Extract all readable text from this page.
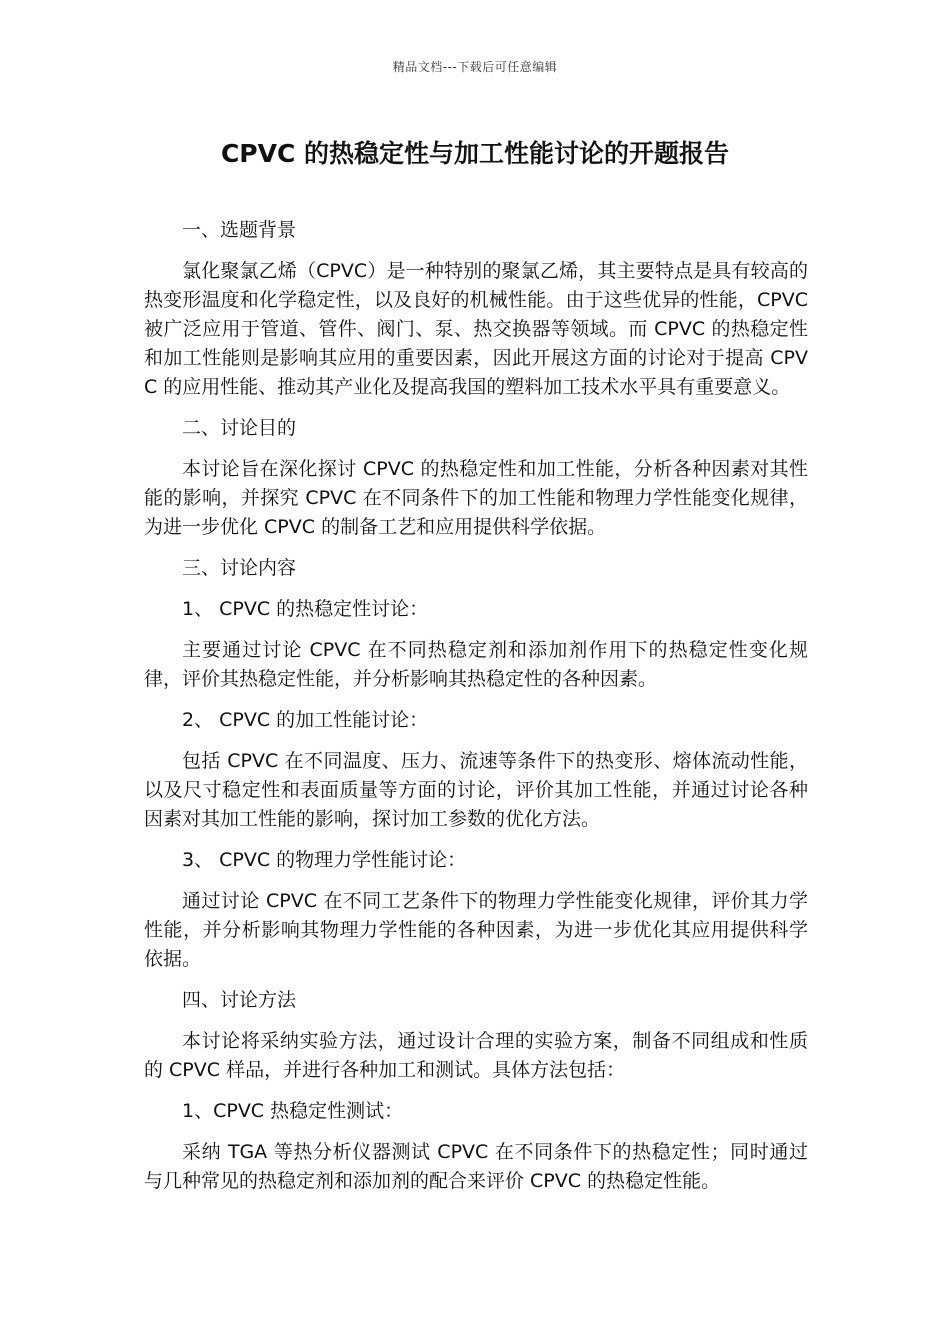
精品文档---下载后可任意编辑
CPVC 的热稳定性与加工性能讨论的开题报告

一、选题背景

氯化聚氯乙烯（CPVC）是一种特别的聚氯乙烯，其主要特点是具有较高的热变形温度和化学稳定性，以及良好的机械性能。由于这些优异的性能，CPVC 被广泛应用于管道、管件、阀门、泵、热交换器等领域。而 CPVC 的热稳定性和加工性能则是影响其应用的重要因素，因此开展这方面的讨论对于提高 CPVC 的应用性能、推动其产业化及提高我国的塑料加工技术水平具有重要意义。

二、讨论目的

本讨论旨在深化探讨 CPVC 的热稳定性和加工性能，分析各种因素对其性能的影响，并探究 CPVC 在不同条件下的加工性能和物理力学性能变化规律，为进一步优化 CPVC 的制备工艺和应用提供科学依据。

三、讨论内容

1、 CPVC 的热稳定性讨论：

主要通过讨论 CPVC 在不同热稳定剂和添加剂作用下的热稳定性变化规律，评价其热稳定性能，并分析影响其热稳定性的各种因素。

2、 CPVC 的加工性能讨论：

包括 CPVC 在不同温度、压力、流速等条件下的热变形、熔体流动性能，以及尺寸稳定性和表面质量等方面的讨论，评价其加工性能，并通过讨论各种因素对其加工性能的影响，探讨加工参数的优化方法。

3、 CPVC 的物理力学性能讨论：

通过讨论 CPVC 在不同工艺条件下的物理力学性能变化规律，评价其力学性能，并分析影响其物理力学性能的各种因素，为进一步优化其应用提供科学依据。

四、讨论方法

本讨论将采纳实验方法，通过设计合理的实验方案，制备不同组成和性质的 CPVC 样品，并进行各种加工和测试。具体方法包括：

1、CPVC 热稳定性测试：

采纳 TGA 等热分析仪器测试 CPVC 在不同条件下的热稳定性；同时通过与几种常见的热稳定剂和添加剂的配合来评价 CPVC 的热稳定性能。
